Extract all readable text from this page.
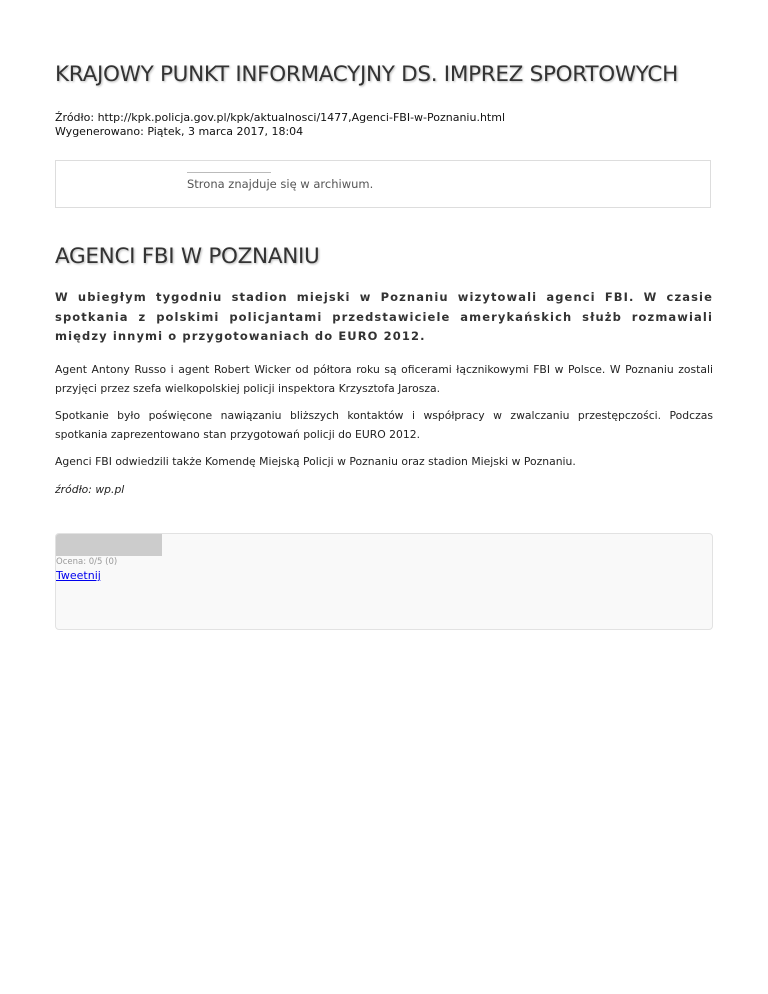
KRAJOWY PUNKT INFORMACYJNY DS. IMPREZ SPORTOWYCH
Źródło: http://kpk.policja.gov.pl/kpk/aktualnosci/1477,Agenci-FBI-w-Poznaniu.html
Wygenerowano: Piątek, 3 marca 2017, 18:04
Strona znajduje się w archiwum.
AGENCI FBI W POZNANIU

W ubiegłym tygodniu stadion miejski w Poznaniu wizytowali agenci FBI. W czasie spotkania z polskimi policjantami przedstawiciele amerykańskich służb rozmawiali między innymi o przygotowaniach do EURO 2012.

Agent Antony Russo i agent Robert Wicker od półtora roku są oficerami łącznikowymi FBI w Polsce. W Poznaniu zostali przyjęci przez szefa wielkopolskiej policji inspektora Krzysztofa Jarosza.

Spotkanie było poświęcone nawiązaniu bliższych kontaktów i współpracy w zwalczaniu przestępczości. Podczas spotkania zaprezentowano stan przygotowań policji do EURO 2012.

Agenci FBI odwiedzili także Komendę Miejską Policji w Poznaniu oraz stadion Miejski w Poznaniu.

źródło: wp.pl

Ocena: 0/5 (0)
Tweetnij
